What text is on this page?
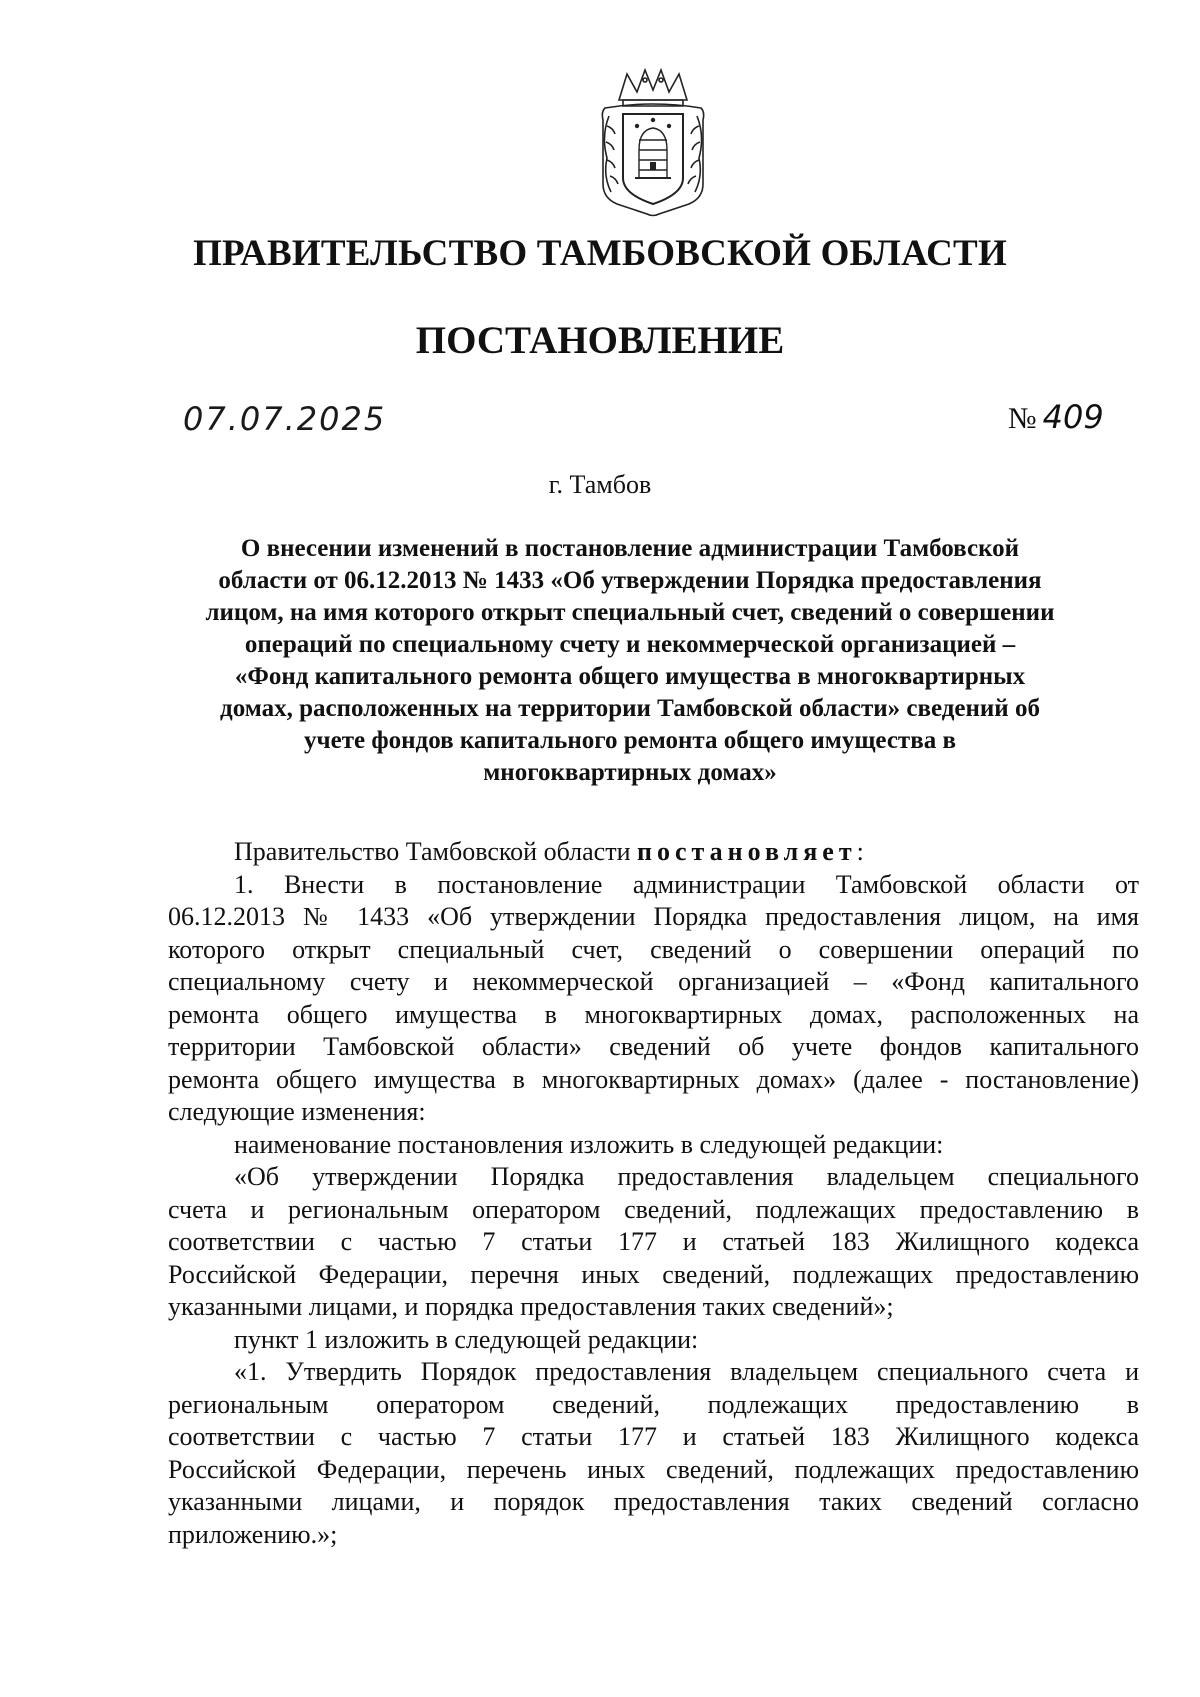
ПРАВИТЕЛЬСТВО ТАМБОВСКОЙ ОБЛАСТИ
ПОСТАНОВЛЕНИЕ
07.07.2025	№ 409
г. Тамбов
О внесении изменений в постановление администрации Тамбовской
области от 06.12.2013 № 1433 «Об утверждении Порядка предоставления
лицом, на имя которого открыт специальный счет, сведений о совершении
операций по специальному счету и некоммерческой организацией –
«Фонд капитального ремонта общего имущества в многоквартирных
домах, расположенных на территории Тамбовской области» сведений об
учете фондов капитального ремонта общего имущества в
многоквартирных домах»
Правительство Тамбовской области постановляет:
1. Внести в постановление администрации Тамбовской области от
06.12.2013 № 1433 «Об утверждении Порядка предоставления лицом, на имя
которого открыт специальный счет, сведений о совершении операций по
специальному счету и некоммерческой организацией – «Фонд капитального
ремонта общего имущества в многоквартирных домах, расположенных на
территории Тамбовской области» сведений об учете фондов капитального
ремонта общего имущества в многоквартирных домах» (далее - постановление)
следующие изменения:
наименование постановления изложить в следующей редакции:
«Об утверждении Порядка предоставления владельцем специального
счета и региональным оператором сведений, подлежащих предоставлению в
соответствии с частью 7 статьи 177 и статьей 183 Жилищного кодекса
Российской Федерации, перечня иных сведений, подлежащих предоставлению
указанными лицами, и порядка предоставления таких сведений»;
пункт 1 изложить в следующей редакции:
«1. Утвердить Порядок предоставления владельцем специального счета и
региональным оператором сведений, подлежащих предоставлению в
соответствии с частью 7 статьи 177 и статьей 183 Жилищного кодекса
Российской Федерации, перечень иных сведений, подлежащих предоставлению
указанными лицами, и порядок предоставления таких сведений согласно
приложению.»;
